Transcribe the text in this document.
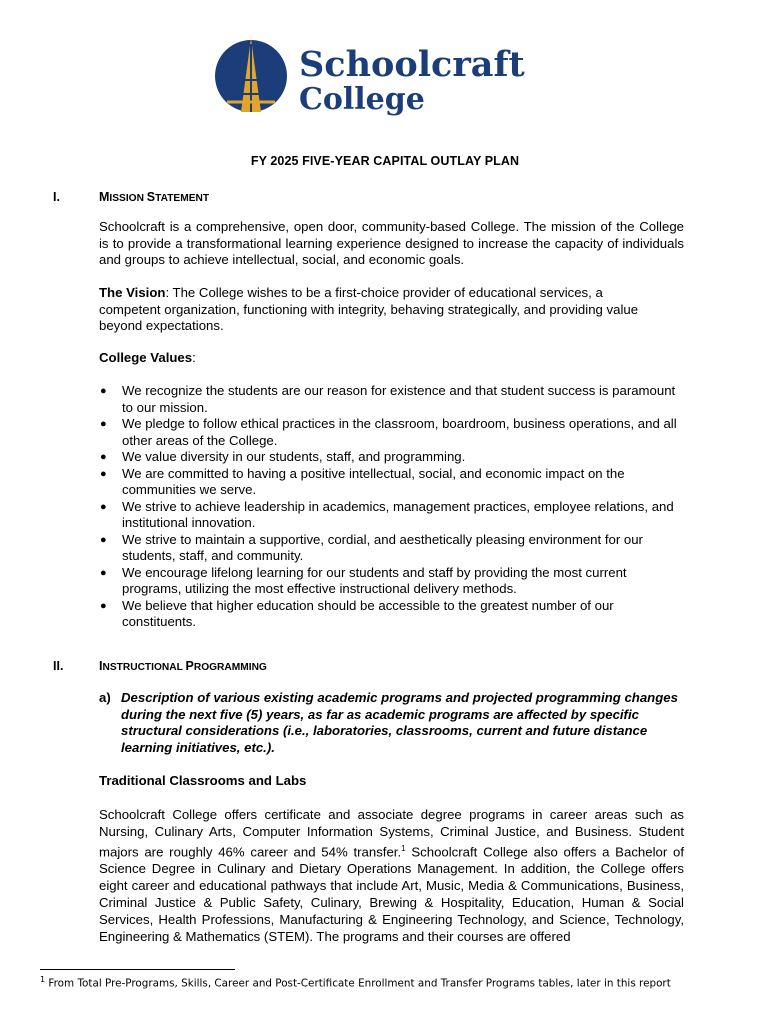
Schoolcraft
College
FY 2025 FIVE-YEAR CAPITAL OUTLAY PLAN
I.	MISSION STATEMENT
Schoolcraft is a comprehensive, open door, community-based College. The mission of the College is to provide a transformational learning experience designed to increase the capacity of individuals and groups to achieve intellectual, social, and economic goals.
The Vision: The College wishes to be a first-choice provider of educational services, a competent organization, functioning with integrity, behaving strategically, and providing value beyond expectations.
College Values:
● We recognize the students are our reason for existence and that student success is paramount to our mission.
● We pledge to follow ethical practices in the classroom, boardroom, business operations, and all other areas of the College.
● We value diversity in our students, staff, and programming.
● We are committed to having a positive intellectual, social, and economic impact on the communities we serve.
● We strive to achieve leadership in academics, management practices, employee relations, and institutional innovation.
● We strive to maintain a supportive, cordial, and aesthetically pleasing environment for our students, staff, and community.
● We encourage lifelong learning for our students and staff by providing the most current programs, utilizing the most effective instructional delivery methods.
● We believe that higher education should be accessible to the greatest number of our constituents.
II.	INSTRUCTIONAL PROGRAMMING
a) Description of various existing academic programs and projected programming changes during the next five (5) years, as far as academic programs are affected by specific structural considerations (i.e., laboratories, classrooms, current and future distance learning initiatives, etc.).
Traditional Classrooms and Labs
Schoolcraft College offers certificate and associate degree programs in career areas such as Nursing, Culinary Arts, Computer Information Systems, Criminal Justice, and Business. Student majors are roughly 46% career and 54% transfer.$^1$ Schoolcraft College also offers a Bachelor of Science Degree in Culinary and Dietary Operations Management. In addition, the College offers eight career and educational pathways that include Art, Music, Media & Communications, Business, Criminal Justice & Public Safety, Culinary, Brewing & Hospitality, Education, Human & Social Services, Health Professions, Manufacturing & Engineering Technology, and Science, Technology, Engineering & Mathematics (STEM). The programs and their courses are offered
$^1$ From Total Pre-Programs, Skills, Career and Post-Certificate Enrollment and Transfer Programs tables, later in this report
